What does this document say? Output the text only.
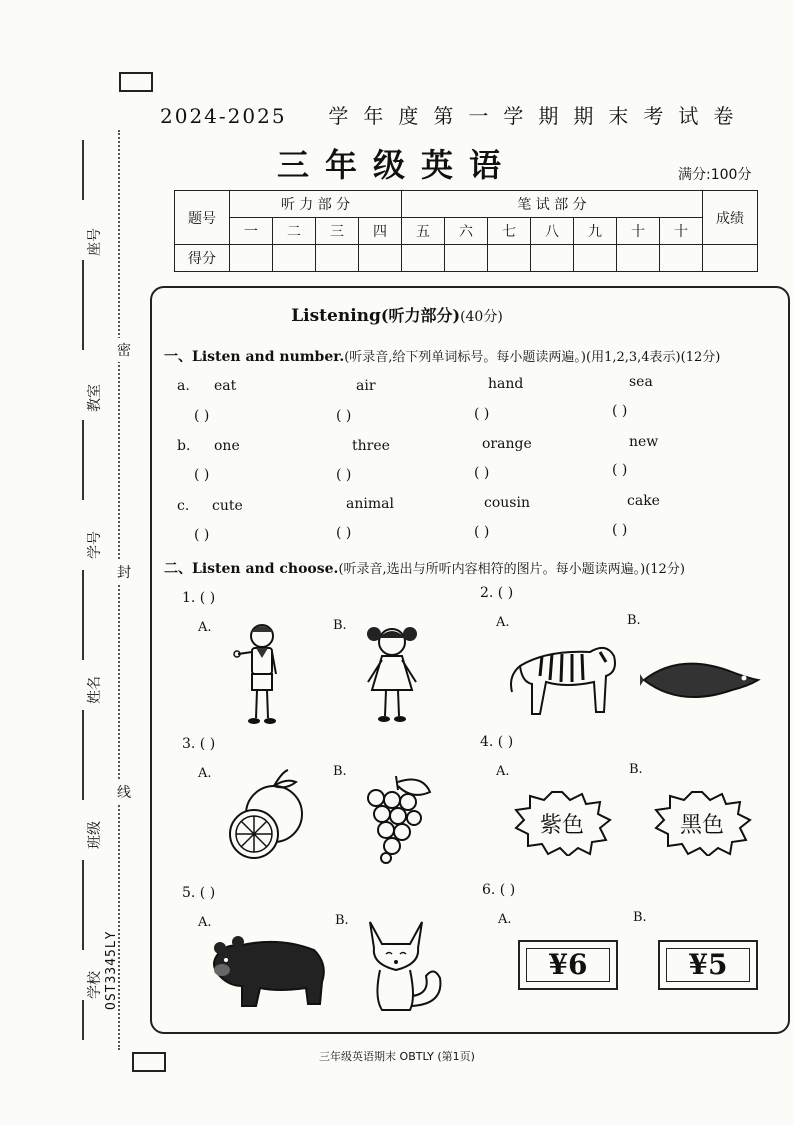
座号
教室
学号
姓名
班级
学校 OST3345LY
密
封
线
2024-2025 学年度第一学期期末考试卷
三年级英语	满分:100分
题号	听 力 部 分				笔 试 部 分							成绩
	一	二	三	四	五	六	七	八	九	十	十	
得分												
Listening(听力部分)(40分)
一、Listen and number.(听录音,给下列单词标号。每小题读两遍。)(用1,2,3,4表示)(12分)
a. eat	air	hand	sea
( )	( )	( )	( )
b. one	three	orange	new
( )	( )	( )	( )
c. cute	animal	cousin	cake
( )	( )	( )	( )
二、Listen and choose.(听录音,选出与所听内容相符的图片。每小题读两遍。)(12分)
1. ( )
A.	B.
2. ( )
A.	B.
3. ( )
A.	B.
4. ( )
A.	B.
紫色	黑色
5. ( )
A.	B.
6. ( )
A.	B.
¥6	¥5
三年级英语期末 OBTLY (第1页)
